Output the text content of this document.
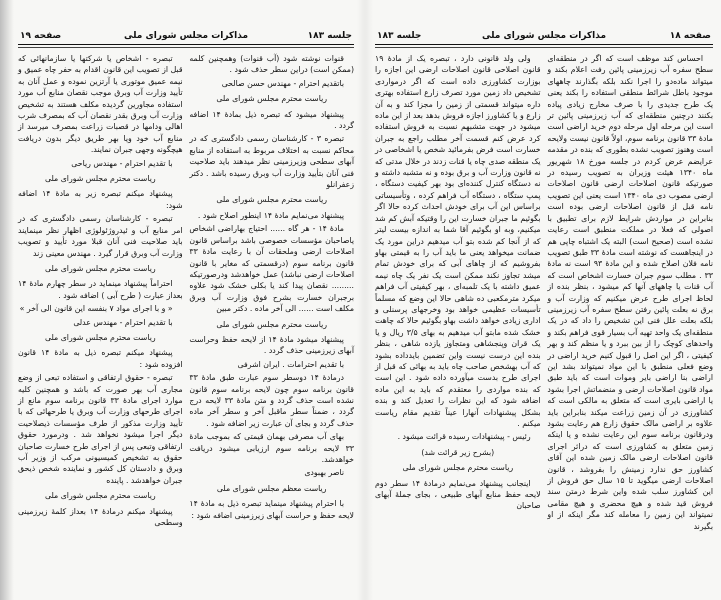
جلسه ۱۸۳
مذاکرات مجلس شورای ملی
صفحه ۱۹
قنوات نوشته شود (آب قنوات) وهمچنین کلمه (ممکن است) دراین سطر حذف شود .
باتقدیم احترام - مهندس حسن صالحی
ریاست محترم مجلس شورای ملی
پیشنهاد میشود که تبصره ذیل بمادهٔ ۱۴ اضافه گردد .
تبصره ۳ - کارشناسان رسمی دادگستری که در محاکم نسبت به اختلاف مربوط به استفاده از منابع آبهای سطحی وزیرزمینی نظر میدهند باید صلاحیت فنی آنان بتأیید وزارت آب وبرق رسیده باشد . دکتر زعفرانلو
ریاست محترم مجلس شورای ملی
پیشنهاد می‌نمایم مادهٔ ۱۴ اینطور اصلاح شود .
مادهٔ ۱۴ - هر گاه ...... احتیاج بهاراضی اشخاص یاصاحبان مؤسسات خصوصی باشد براساس قانون اصلاحات ارضی وملحقات آن با رعایت مادهٔ ۳۳ قانون برنامه سوم (درقسمتی که مغایر با قانون اصلاحات ارضی نباشد) عمل خواهدشد ودرصورتیکه ......... نقصان پیدا کند یا بکلی خشک شود علاوه برجبران خسارت بشرح فوق وزارت آب وبرق مکلف است ...... الی آخر ماده . دکتر مبین
ریاست محترم مجلس شورای ملی
پیشنهاد میشود مادهٔ ۱۴ از لایحه حفظ وحراست آبهای زیرزمینی حذف گردد .
با تقدیم احترامات . ایران اشرفی
درمادهٔ ۱۴ دوسطر سوم عبارت طبق مادهٔ ۳۳ قانون برنامه سوم چون لایحه برنامه سوم قانون نشده است حذف گردد و متن مادهٔ ۳۳ لایحه درج گردد ، ضمناً سطر ماقبل آخر و سطر آخر ماده حذف گردد و بجای آن عبارت زیر اضافه شود .
بهای آب مصرفی بهمان قیمتی که بموجب مادهٔ ۳۳ لایحه برنامه سوم ارزیابی میشود دریافت خواهدشد.
ناصر بهبودی
ریاست معظم مجلس شورای ملی
با احترام پیشنهاد مینماید تبصره ذیل به مادهٔ ۱۴ لایحه حفظ و حراست آبهای زیرزمینی اضافه شود :
تبصره - اشخاص یا شرکتها یا سازمانهائی که قبل از تصویب این قانون اقدام به حفر چاه عمیق و نیمه عمیق موتوری یا آرتزین نموده و عمل آنان به تأیید وزارت آب وبرق موجب نقصان منابع آب مورد استفاده مجاورین گردیده مکلف هستند به تشخیص وزارت آب وبرق بقدر نقصان آب که بمصرف شرب اهالی ودامها در قصبات زراعت بمصرف میرسد از منابع آب خود ویا بهر طریق دیگر بدون دریافت هیچگونه وجهی جبران نمایند.
با تقدیم احترام - مهندس ریاحی
ریاست محترم مجلس شورای ملی
پیشنهاد میکنم تبصره زیر به مادهٔ ۱۴ اضافه شود:
تبصره - کارشناسان رسمی دادگستری که در امر منابع آب و ئیدروژئولوژی اظهار نظر مینمایند باید صلاحیت فنی آنان قبلا مورد تأیید و تصویب وزارت آب وبرق قرار گیرد . مهندس معینی زند
ریاست محترم مجلس شورای ملی
احتراماً پیشنهاد مینماید در سطر چهارم مادهٔ ۱۴ بعداز عبارت ( طرح آبی ) اضافه شود .
« و با اجرای مواد ۷ بنفسه این قانون الی آخر »
با تقدیم احترام - مهندس عدلی
ریاست محترم مجلس شورای ملی
پیشنهاد میکنم تبصره ذیل به مادهٔ ۱۴ قانون افزوده شود :
تبصره - حقوق ارتفاقی و استفاده تبعی از وضع مجاری آب بهر صورت که باشد و همچنین کلیه موارد اجرای مادهٔ ۳۳ قانون برنامه سوم مانع از اجرای طرحهای وزارت آب وبرق یا طرحهائی که با تأیید وزارت مذکور از طرف مؤسسات ذیصلاحیت دیگر اجرا میشود نخواهد شد . ودرمورد حقوق ارتفاقی وتبعی پس از اجرای طرح خسارت صاحبان حقوق به تشخیص کمیسیونی مرکب از وزیر آب وبرق و دادستان کل کشور و نماینده شخص ذیحق جبران خواهدشد . پاینده
ریاست محترم مجلس شورای ملی
پیشنهاد میکنم درمادهٔ ۱۴ بعداز کلمهٔ زیرزمینی وسطحی
صفحه ۱۸
مذاکرات مجلس شورای ملی
جلسه ۱۸۳
احساس کند موظف است که اگر در منطقه‌ای سطح سفره آب زیرزمینی پائین رفت اعلام بکند و میتواند ماده‌دو را اجرا نکند بلکه بگذارند چاههای موجود باطل شرائط منطقی استفاده را بکند یعنی یک طرح جدیدی را با صرف مخارج زیادی پیاده بکنند درچنین منطقه‌ای که آب زیرزمینی پائین تر است این مرحله اول مرحله دوم خرید اراضی است مادهٔ ۳۳ قانون برنامه سوم، اولاً قانون نیست ولایحه است وهنوز تصویب نشده بطوری که بنده در مقدمه عرایضم عرض کردم در جلسه مورخ ۱۸ شهریور ماه ۱۳۴۰ هیئت وزیران به تصویب رسیده در صورتیکه قانون اصلاحات ارضی قانون اصلاحات ارضی مصوب دی ماه ۱۳۴۰ است یعنی این تصویب نامه قبل از قانون اصلاحات ارضی بوده است بنابراین در مواردش شرایط لازم برای تطبیق با اصولی که فعلا در مملکت منطبق است رعایت نشده است (صحیح است) البته یک اشتباه چاپی هم در اینجاهست که نوشته است مادهٔ ۳۳ طبق تصویب نامه فلان اصلاح شده و این مادهٔ ۹۳ است نه مادهٔ ۳۳ . مطلب سوم جبران خسارت اشخاص است که آب قنات یا چاههای آنها کم میشود ، بنظر بنده از لحاظ اجرای طرح عرض میکنیم که وزارت آب و برق نه بعلت پائین رفتن سطح سفره آب زیرزمینی بلکه بعلت علل فنی این تشخیص را داد که در یک منطقه‌ای یک واحد تهیه آب بسیار قوی فراهم بکند و واحدهای کوچک را از بین ببرد و یا منظم کند و بهر کیفیتی ، اگر این اصل را قبول کنیم خرید اراضی در وضع فعلی منطبق با این مواد نمیتواند بشد این اراضی بنا اراضی بایر وموات است که باید طبق مواد قانون اصلاحات ارضی و منضماتش اجرا بشود یا اراضی بایری است که متعلق به مالکی است که کشاورزی در آن زمین زراعت میکند بنابراین باید علاوه بر اراضی مالک حقوق زارع هم رعایت بشود ودرقانون برنامه سوم این رعایت نشده و یا اینکه زمین متعلق به کشاورزی است که دراثر اجرای قانون اصلاحات ارضی مالک زمین شده این آقای کشاورز حق ندارد زمینش را بفروشد ، قانون اصلاحات ارضی میگوید تا ۱۵ سال حق فروش از این کشاورز سلب شده واین شرط درمتن سند فروش قید شده و هیچ محضری و هیچ مقامی نمیتواند این زمین را معامله کند مگر اینکه از او بگیرند
ولی ولد قانونی دارد ، تبصره یک از مادهٔ ۱۹ قانون اصلاحی قانون اصلاحات ارضی این اجازه را بوزارت کشاورزی داده است که اگر درمواردی تشخیص داد زمین مورد تصرف زارع استفاده بهتری داره میتواند قسمتی از زمین را مجزا کند و به آن زارع و یا کشاورز اجازه فروش بدهد بعد از این ماده میشود در جهت متشبهم نسبت به فروش استفاده کرد عرض کنم قسمت آخر مطلب راجع به جبران خسارت است فرض بفرمائید شخص یا اشخاصی در یک منطقه صدی چاه یا قنات زدند در خلال مدتی که نه قانون وزارت آب و برق بوده و نه متشبه داشته و نه دستگاه کنترل کننده‌ای بود بهر کیفیت دستگاه ، پمپ ستگاه ، دستگاه آب فراهم کرده ، وتأسیساتی براساس این آب برای خودش احداث کرده حالا اگر بگوئیم ما جبران خسارت این را وقتیکه آبش کم شد میکنیم، وبه او بگوئیم آقا شما به اندازه بیست لیتر که از آنجا کم شده بتو آب میدهیم دراین مورد یک ضمانت میخواهد یعنی ما باید آب را به قیمتی بهاو بفروشیم که از چاهای آبی که برای خودش تمام میشد تجاوز نکند ممکن است یک نفر یک چاه نیمه عمیق داشته با یک تلمبه‌ای ، بهر کیفیتی آب فراهم میکرد مترمکعبی ده شاهی حالا این وضع که مسلماً تأسیسات عظیمی خواهد بود وخرجهای پرسنلی و اداری زیادی خواهد داشت بهاو بگوئیم حالا که چاهت خشک شده مابتو آب میدهیم به بهای ۳/۵ ریال و یا یک قران وپنجشاهی ومتجاوز یازده شاهی ، بنظر بنده این درست نیست واین تضمین بایدداده بشود که آب بهشخص صاحب چاه باید به بهائی که قبل از اجرای طرح بدست میآورده داده شود . این است که بنده مواردی را معتقدم که باید به این ماده اضافه شود که این نظرات را تعدیل کند و بنده بشکل پیشنهادات آنهارا عیناً تقدیم مقام ریاست میکنم .
رئیس - پیشنهادات رسیده قرائت میشود .
(بشرح زیر قرائت شد)
ریاست محترم مجلس شورای ملی
اینجانب پیشنهاد می‌نمایم درمادهٔ ۱۴ سطر دوم لایحه حفظ منابع آبهای طبیعی ، بجای جملهٔ آبهای صاحبان
